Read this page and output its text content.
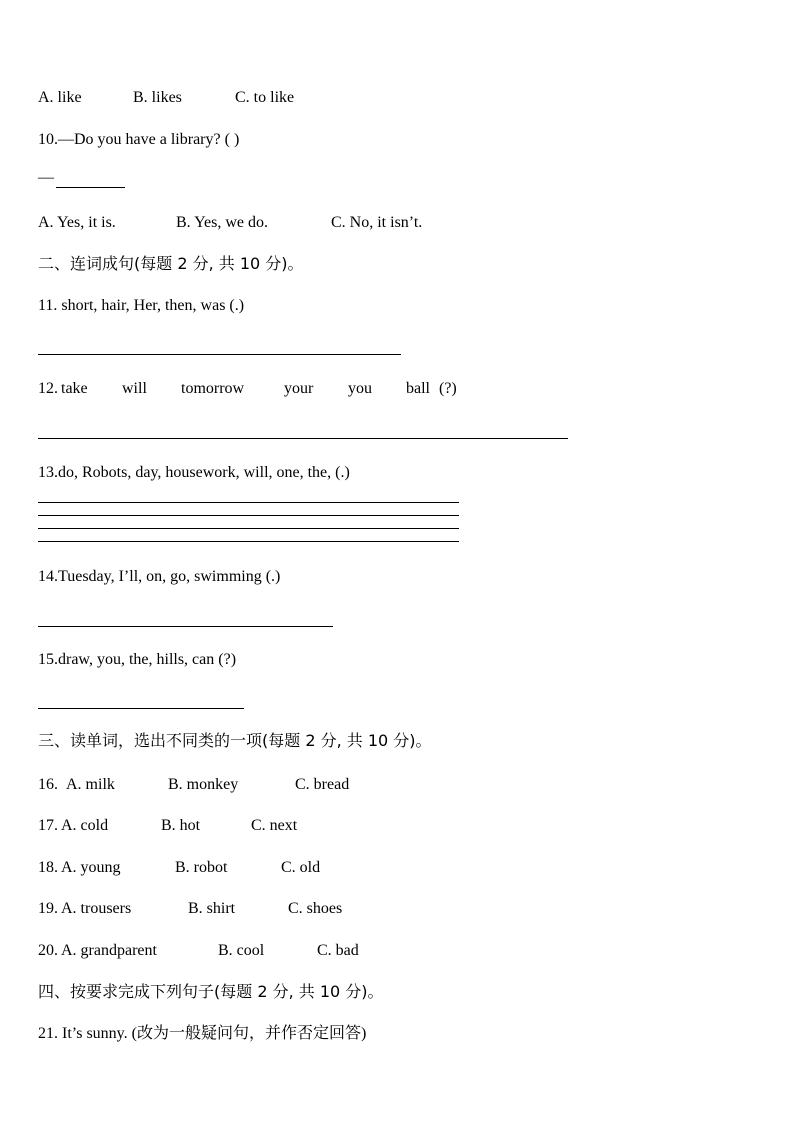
A. like	B. likes	C. to like
10.—Do you have a library? ( )
—
A. Yes, it is.	B. Yes, we do.	C. No, it isn’t.
二、连词成句(每题 2 分, 共 10 分)。
11. short, hair, Her, then, was (.)
12. take will tomorrow your you ball (?)
13.do, Robots, day, housework, will, one, the, (.)
14.Tuesday, I’ll, on, go, swimming (.)
15.draw, you, the, hills, can (?)
三、读单词，选出不同类的一项(每题 2 分, 共 10 分)。
16. A. milk	B. monkey	C. bread
17. A. cold	B. hot	C. next
18. A. young	B. robot	C. old
19. A. trousers	B. shirt	C. shoes
20. A. grandparent	B. cool	C. bad
四、按要求完成下列句子(每题 2 分, 共 10 分)。
21. It’s sunny. (改为一般疑问句，并作否定回答)
